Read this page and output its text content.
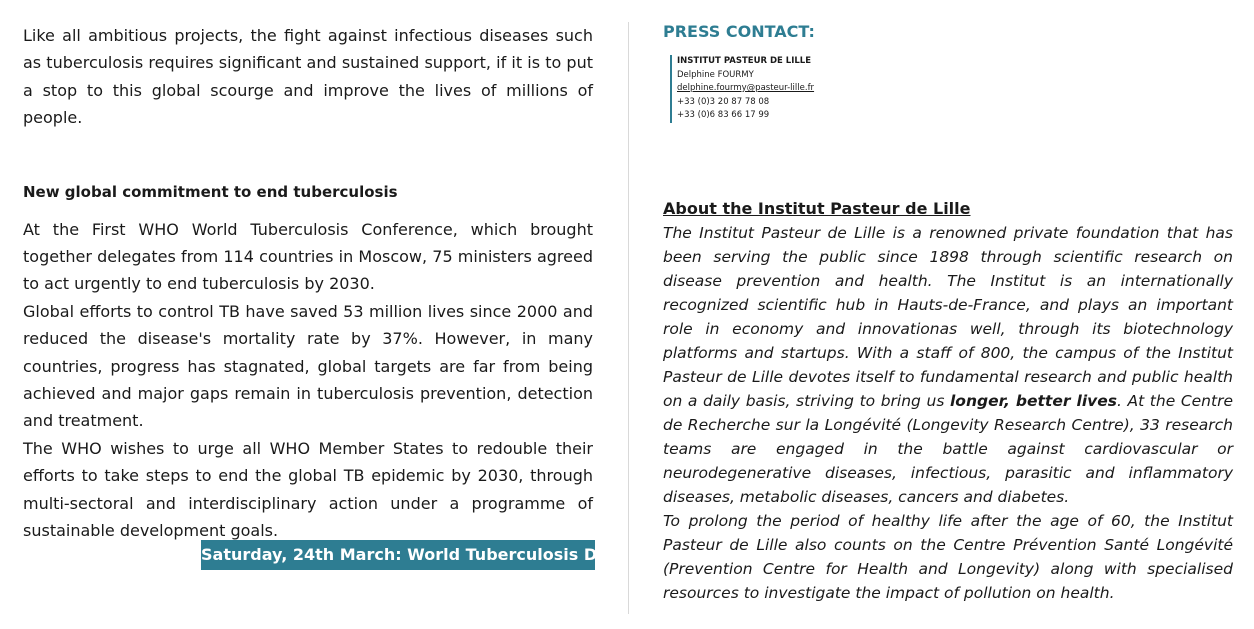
Like all ambitious projects, the fight against infectious diseases such as tuberculosis requires significant and sustained support, if it is to put a stop to this global scourge and improve the lives of millions of people.

New global commitment to end tuberculosis

At the First WHO World Tuberculosis Conference, which brought together delegates from 114 countries in Moscow, 75 ministers agreed to act urgently to end tuberculosis by 2030.

Global efforts to control TB have saved 53 million lives since 2000 and reduced the disease's mortality rate by 37%. However, in many countries, progress has stagnated, global targets are far from being achieved and major gaps remain in tuberculosis prevention, detection and treatment.

The WHO wishes to urge all WHO Member States to redouble their efforts to take steps to end the global TB epidemic by 2030, through multi-sectoral and interdisciplinary action under a programme of sustainable development goals.

Saturday, 24th March: World Tuberculosis Day

PRESS CONTACT:

INSTITUT PASTEUR DE LILLE
Delphine FOURMY
delphine.fourmy@pasteur-lille.fr
+33 (0)3 20 87 78 08
+33 (0)6 83 66 17 99

About the Institut Pasteur de Lille

The Institut Pasteur de Lille is a renowned private foundation that has been serving the public since 1898 through scientific research on disease prevention and health. The Institut is an internationally recognized scientific hub in Hauts-de-France, and plays an important role in economy and innovationas well, through its biotechnology platforms and startups. With a staff of 800, the campus of the Institut Pasteur de Lille devotes itself to fundamental research and public health on a daily basis, striving to bring us longer, better lives. At the Centre de Recherche sur la Longévité (Longevity Research Centre), 33 research teams are engaged in the battle against cardiovascular or neurodegenerative diseases, infectious, parasitic and inflammatory diseases, metabolic diseases, cancers and diabetes.

To prolong the period of healthy life after the age of 60, the Institut Pasteur de Lille also counts on the Centre Prévention Santé Longévité (Prevention Centre for Health and Longevity) along with specialised resources to investigate the impact of pollution on health.
